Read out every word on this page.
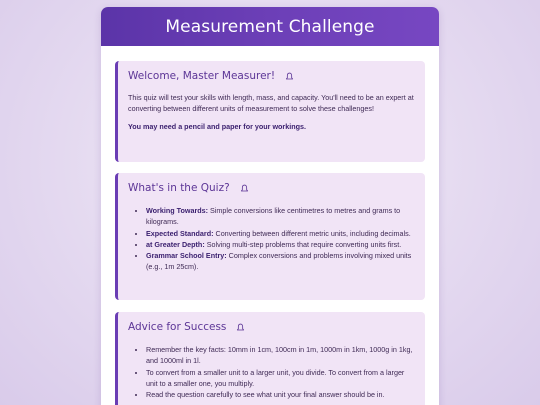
Measurement Challenge
Welcome, Master Measurer!

This quiz will test your skills with length, mass, and capacity. You'll need to be an expert at converting between different units of measurement to solve these challenges!

You may need a pencil and paper for your workings.

What's in the Quiz?
• Working Towards: Simple conversions like centimetres to metres and grams to kilograms.
• Expected Standard: Converting between different metric units, including decimals.
• at Greater Depth: Solving multi-step problems that require converting units first.
• Grammar School Entry: Complex conversions and problems involving mixed units (e.g., 1m 25cm).
Advice for Success
• Remember the key facts: 10mm in 1cm, 100cm in 1m, 1000m in 1km, 1000g in 1kg, and 1000ml in 1l.
• To convert from a smaller unit to a larger unit, you divide. To convert from a larger unit to a smaller one, you multiply.
• Read the question carefully to see what unit your final answer should be in.
